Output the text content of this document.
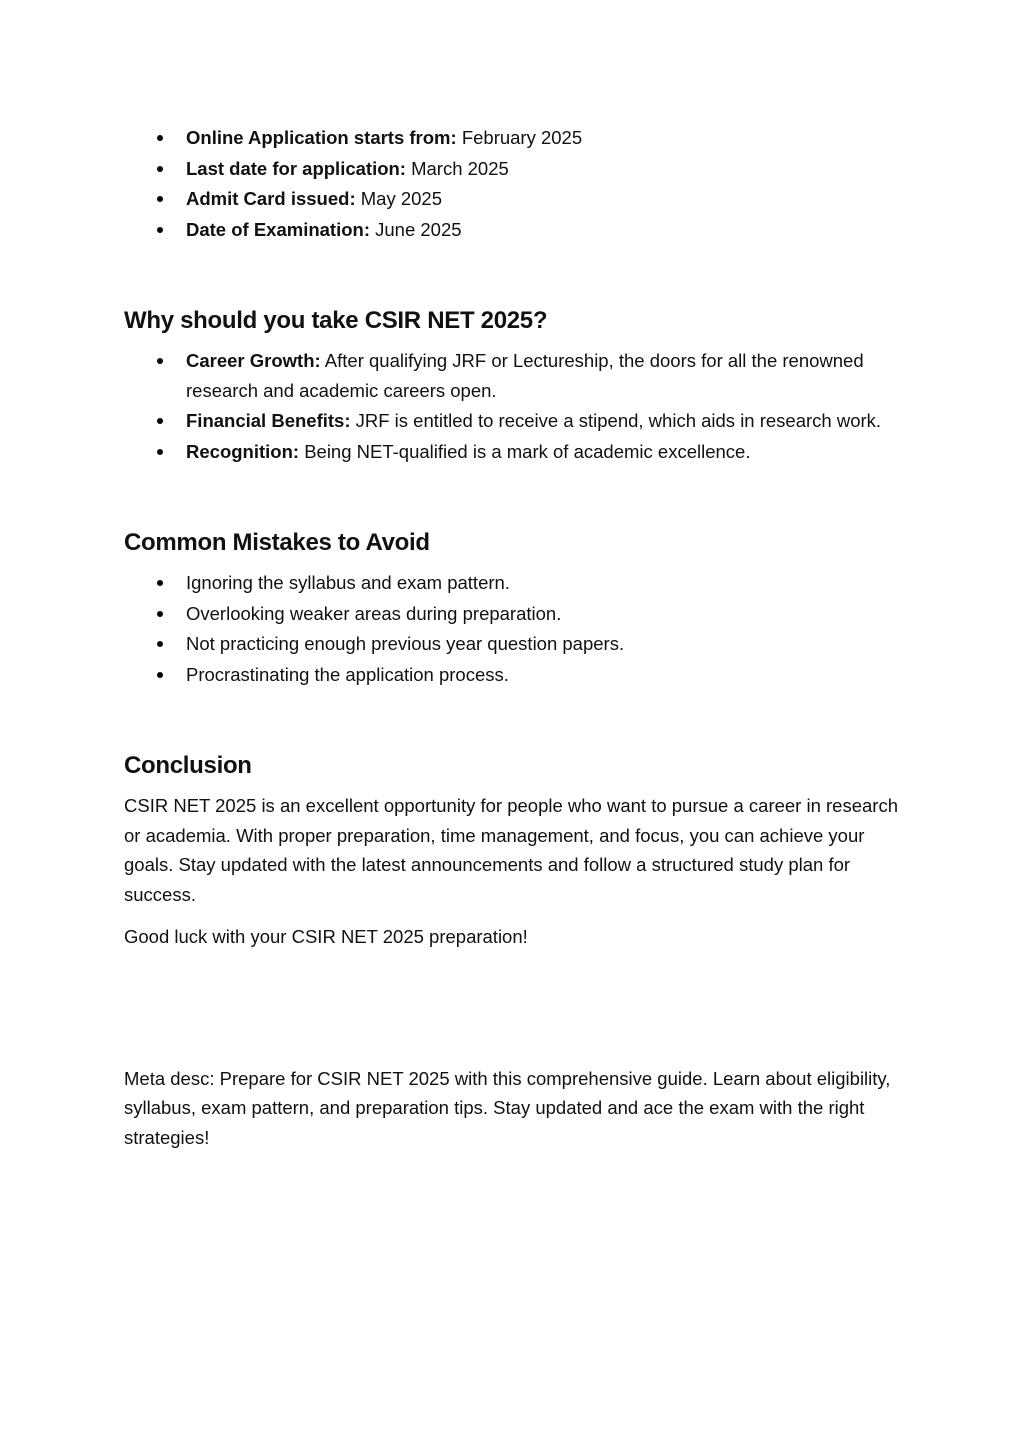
Online Application starts from: February 2025
Last date for application: March 2025
Admit Card issued: May 2025
Date of Examination: June 2025
Why should you take CSIR NET 2025?
Career Growth: After qualifying JRF or Lectureship, the doors for all the renowned research and academic careers open.
Financial Benefits: JRF is entitled to receive a stipend, which aids in research work.
Recognition: Being NET-qualified is a mark of academic excellence.
Common Mistakes to Avoid
Ignoring the syllabus and exam pattern.
Overlooking weaker areas during preparation.
Not practicing enough previous year question papers.
Procrastinating the application process.
Conclusion

CSIR NET 2025 is an excellent opportunity for people who want to pursue a career in research or academia. With proper preparation, time management, and focus, you can achieve your goals. Stay updated with the latest announcements and follow a structured study plan for success.

Good luck with your CSIR NET 2025 preparation!

Meta desc: Prepare for CSIR NET 2025 with this comprehensive guide. Learn about eligibility, syllabus, exam pattern, and preparation tips. Stay updated and ace the exam with the right strategies!
